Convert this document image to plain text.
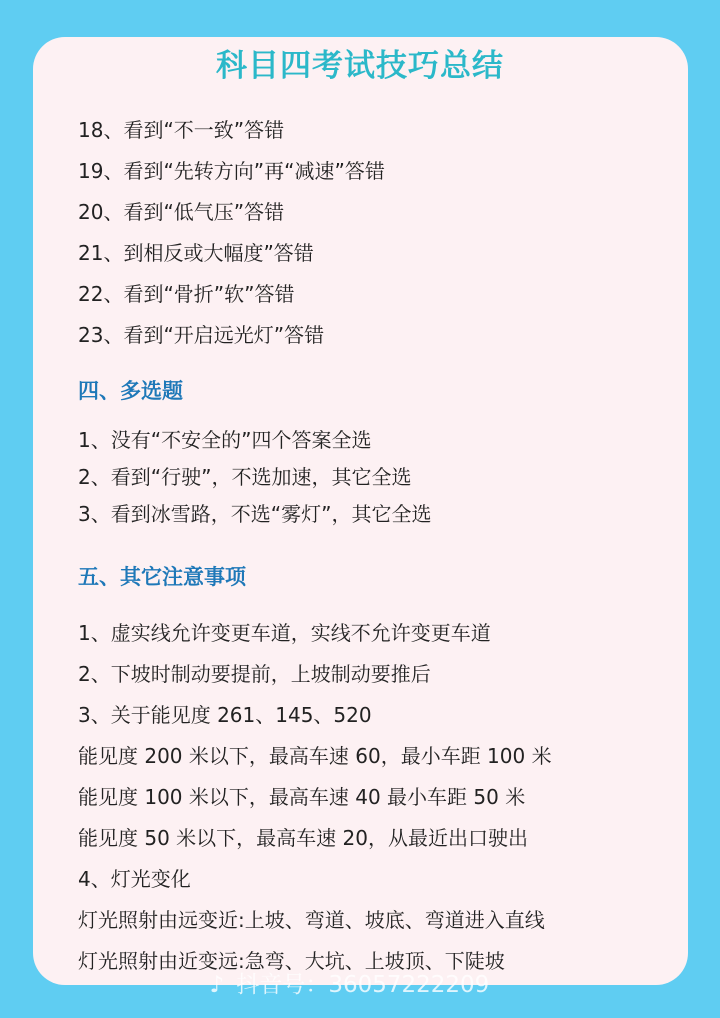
科目四考试技巧总结
18、看到“不一致”答错
19、看到“先转方向”再“减速”答错
20、看到“低气压”答错
21、到相反或大幅度”答错
22、看到“骨折”软”答错
23、看到“开启远光灯”答错
四、多选题
1、没有“不安全的”四个答案全选
2、看到“行驶”，不选加速，其它全选
3、看到冰雪路，不选“雾灯”，其它全选
五、其它注意事项
1、虚实线允许变更车道，实线不允许变更车道
2、下坡时制动要提前，上坡制动要推后
3、关于能见度 261、145、520
能见度 200 米以下，最高车速 60，最小车距 100 米
能见度 100 米以下，最高车速 40 最小车距 50 米
能见度 50 米以下，最高车速 20，从最近出口驶出
4、灯光变化
灯光照射由远变近:上坡、弯道、坡底、弯道进入直线
灯光照射由近变远:急弯、大坑、上坡顶、下陡坡
♪ 抖音号：36057222209
